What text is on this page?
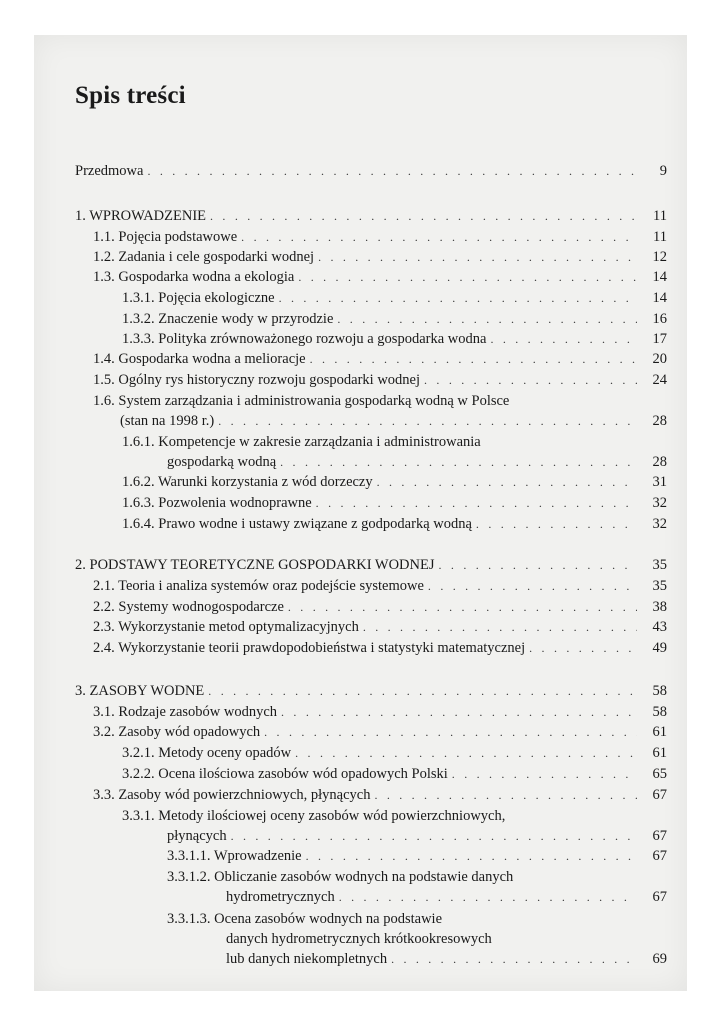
Spis treści
Przedmowa . . .	9
1. WPROWADZENIE . . .	11
1.1. Pojęcia podstawowe . . .	11
1.2. Zadania i cele gospodarki wodnej . . .	12
1.3. Gospodarka wodna a ekologia . . .	14
1.3.1. Pojęcia ekologiczne . . .	14
1.3.2. Znaczenie wody w przyrodzie . . .	16
1.3.3. Polityka zrównoważonego rozwoju a gospodarka wodna . . .	17
1.4. Gospodarka wodna a melioracje . . .	20
1.5. Ogólny rys historyczny rozwoju gospodarki wodnej . . .	24
1.6. System zarządzania i administrowania gospodarką wodną w Polsce
(stan na 1998 r.) . . .	28
1.6.1. Kompetencje w zakresie zarządzania i administrowania
gospodarką wodną . . .	28
1.6.2. Warunki korzystania z wód dorzeczy . . .	31
1.6.3. Pozwolenia wodnoprawne . . .	32
1.6.4. Prawo wodne i ustawy związane z godpodarką wodną . . .	32
2. PODSTAWY TEORETYCZNE GOSPODARKI WODNEJ . . .	35
2.1. Teoria i analiza systemów oraz podejście systemowe . . .	35
2.2. Systemy wodnogospodarcze . . .	38
2.3. Wykorzystanie metod optymalizacyjnych . . .	43
2.4. Wykorzystanie teorii prawdopodobieństwa i statystyki matematycznej . . .	49
3. ZASOBY WODNE . . .	58
3.1. Rodzaje zasobów wodnych . . .	58
3.2. Zasoby wód opadowych . . .	61
3.2.1. Metody oceny opadów . . .	61
3.2.2. Ocena ilościowa zasobów wód opadowych Polski . . .	65
3.3. Zasoby wód powierzchniowych, płynących . . .	67
3.3.1. Metody ilościowej oceny zasobów wód powierzchniowych,
płynących . . .	67
3.3.1.1. Wprowadzenie . . .	67
3.3.1.2. Obliczanie zasobów wodnych na podstawie danych
hydrometrycznych . . .	67
3.3.1.3. Ocena zasobów wodnych na podstawie
danych hydrometrycznych krótkookresowych
lub danych niekompletnych . . .	69
